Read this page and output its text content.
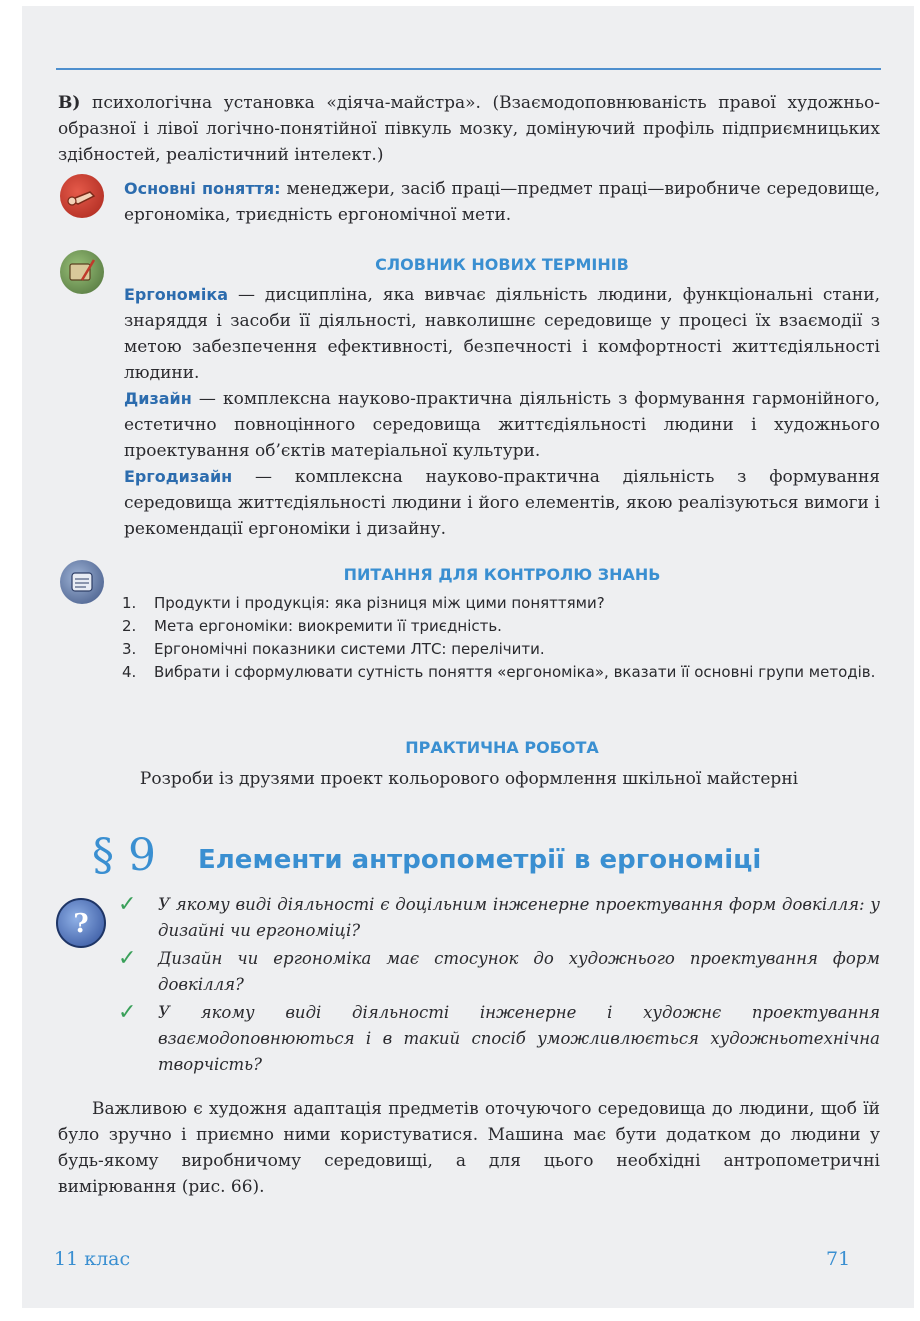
В) психологічна установка «діяча-майстра». (Взаємодоповнюваність правої художньо-образної і лівої логічно-понятійної півкуль мозку, домінуючий профіль підприємницьких здібностей, реалістичний інтелект.)
Основні поняття: менеджери, засіб праці—предмет праці—виробниче середовище, ергономіка, триєдність ергономічної мети.
СЛОВНИК НОВИХ ТЕРМІНІВ
Ергономіка — дисципліна, яка вивчає діяльність людини, функціональні стани, знаряддя і засоби її діяльності, навколишнє середовище у процесі їх взаємодії з метою забезпечення ефективності, безпечності і комфортності життєдіяльності людини.
Дизайн — комплексна науково-практична діяльність з формування гармонійного, естетично повноцінного середовища життєдіяльності людини і художнього проектування об’єктів матеріальної культури.
Ергодизайн — комплексна науково-практична діяльність з формування середовища життєдіяльності людини і його елементів, якою реалізуються вимоги і рекомендації ергономіки і дизайну.
ПИТАННЯ ДЛЯ КОНТРОЛЮ ЗНАНЬ
1. Продукти і продукція: яка різниця між цими поняттями?
2. Мета ергономіки: виокремити її триєдність.
3. Ергономічні показники системи ЛТС: перелічити.
4. Вибрати і сформулювати сутність поняття «ергономіка», вказати її основні групи методів.
ПРАКТИЧНА РОБОТА
Розроби із друзями проект кольорового оформлення шкільної майстерні
§ 9 Елементи антропометрії в ергономіці
?
✓ У якому виді діяльності є доцільним інженерне проектування форм довкілля: у дизайні чи ергономіці?
✓ Дизайн чи ергономіка має стосунок до художнього проектування форм довкілля?
✓ У якому виді діяльності інженерне і художнє проектування взаємодоповнюються і в такий спосіб уможливлюється художньотехнічна творчість?
Важливою є художня адаптація предметів оточуючого середовища до людини, щоб їй було зручно і приємно ними користуватися. Машина має бути додатком до людини у будь-якому виробничому середовищі, а для цього необхідні антропометричні вимірювання (рис. 66).
11 клас	71
